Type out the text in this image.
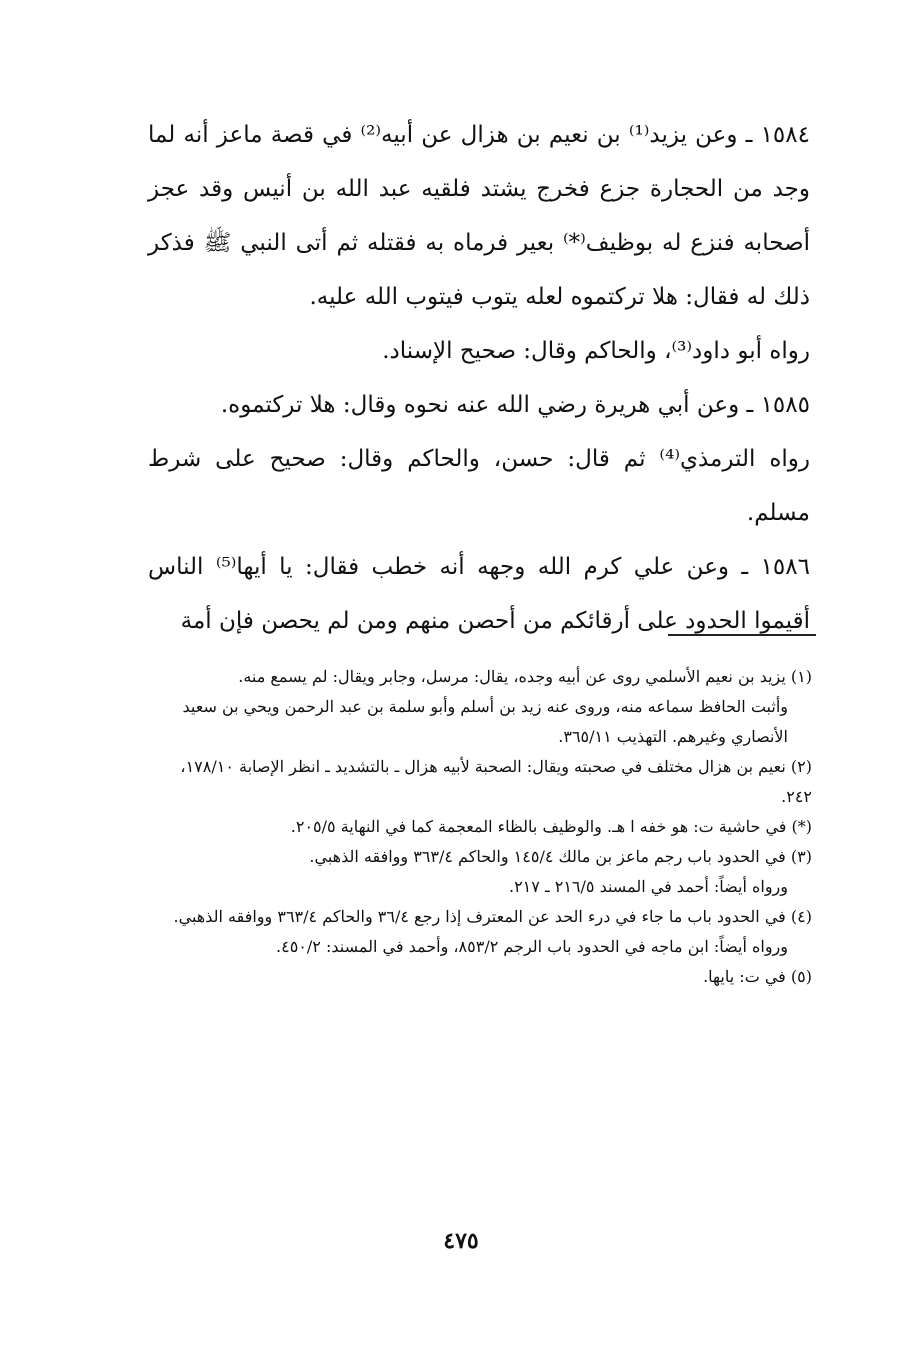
١٥٨٤ ـ وعن يزيد⁽¹⁾ بن نعيم بن هزال عن أبيه⁽²⁾ في قصة ماعز أنه لما وجد من الحجارة جزع فخرج يشتد فلقيه عبد الله بن أنيس وقد عجز أصحابه فنزع له بوظيف⁽*⁾ بعير فرماه به فقتله ثم أتى النبي ﷺ فذكر ذلك له فقال: هلا تركتموه لعله يتوب فيتوب الله عليه.

رواه أبو داود⁽³⁾، والحاكم وقال: صحيح الإسناد.

١٥٨٥ ـ وعن أبي هريرة رضي الله عنه نحوه وقال: هلا تركتموه.

رواه الترمذي⁽⁴⁾ ثم قال: حسن، والحاكم وقال: صحيح على شرط مسلم.

١٥٨٦ ـ وعن علي كرم الله وجهه أنه خطب فقال: يا أيها⁽⁵⁾ الناس أقيموا الحدود على أرقائكم من أحصن منهم ومن لم يحصن فإن أمة

(١) يزيد بن نعيم الأسلمي روى عن أبيه وجده، يقال: مرسل، وجابر ويقال: لم يسمع منه.

وأثبت الحافظ سماعه منه، وروى عنه زيد بن أسلم وأبو سلمة بن عبد الرحمن ويحي بن سعيد الأنصاري وغيرهم. التهذيب ٣٦٥/١١.

(٢) نعيم بن هزال مختلف في صحبته ويقال: الصحبة لأبيه هزال ـ بالتشديد ـ انظر الإصابة ١٧٨/١٠، ٢٤٢.

(*) في حاشية ت: هو خفه ا هـ. والوظيف بالظاء المعجمة كما في النهاية ٢٠٥/٥.

(٣) في الحدود باب رجم ماعز بن مالك ١٤٥/٤ والحاكم ٣٦٣/٤ ووافقه الذهبي.

ورواه أيضاً: أحمد في المسند ٢١٦/٥ ـ ٢١٧.

(٤) في الحدود باب ما جاء في درء الحد عن المعترف إذا رجع ٣٦/٤ والحاكم ٣٦٣/٤ ووافقه الذهبي.

ورواه أيضاً: ابن ماجه في الحدود باب الرجم ٨٥٣/٢، وأحمد في المسند: ٤٥٠/٢.

(٥) في ت: يايها.

٤٧٥
